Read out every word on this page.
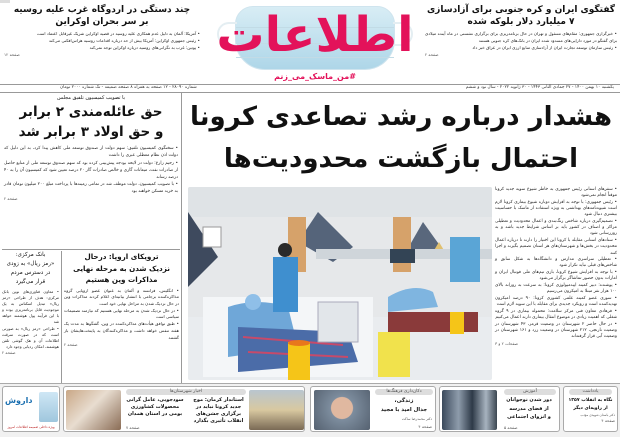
گفتگوی ایران و کره جنوبی برای آزادسازی
۷ میلیارد دلار بلوکه شده

• خبرگزاری جمهوری: مقام‌های مسئول و تهران در حال برنامه‌ریزی برای برگزاری نشستی در ماه آینده میلادی برای گفتگو در مورد دارایی‌های مسدود شده ایران در بانک‌های کره جنوبی هستند

• رئیس سازمان توسعه تجارت ایران از آزادسازی منابع ارزی ایران در عراق خبر داد

صفحه ۲
چند دستگی در اردوگاه غرب علیه روسیه
بر سر بحران اوکراین

• آمریکا: آلمان به دلیل عدم همکاری علیه روسیه در قضیه اوکراین شریک غیرقابل اعتماد است

• رئیس جمهوری اوکراین: آمریکا بیش از حد درباره اقدامات روسیه هراس‌افکنی می‌کند

• پوتین: غرب به نگرانی‌های روسیه درباره اوکراین توجه نمی‌کند

صفحه ۱۲	اطلاعات
#من_ماسک_می_زنم
یکشنبه ۱۰ بهمن ۱۴۰۰ - ۲۷ جمادی الثانی ۱۴۴۳ - ۳۰ ژانویه ۲۰۲۲ - سال نود و ششم
شماره ۲۸۰۹۰ - ۱۲ صفحه به همراه ۸ صفحه ضمیمه - تک شماره ۲۰۰۰ تومان
هشدار درباره رشد تصاعدی کرونا
احتمال بازگشت محدودیت‌ها

• سفرهای استانی رئیس جمهوری به خاطر شیوع سویه جدید کرونا موقتاً انجام نمی‌شود

• رئیس جمهوری: با توجه به افزایش دوباره شیوع بیماری کرونا لازم است شیوه‌نامه‌های بهداشتی به ویژه استفاده از ماسک با حساسیت بیشتری دنبال شود

• تصمیم‌گیری درباره شاخص رنگ‌بندی و اعمال محدودیت و تعطیلی مراکز و اصناف در کشور باید بر اساس شرایط جدید باشد و به روزرسانی شود

• ستادهای استانی مقابله با کرونا این اختیار را دارند تا درباره اعمال محدودیت در بخش‌ها و شهرستان‌های هر استان تصمیم بگیرند و اجرا کنند

• تعطیلی سراسری مدارس و دانشگاه‌ها به شکل سابق و شاخص‌های قبلی نباید تکرار شود

• با توجه به افزایش شیوع کرونا، بازی تیم‌های ملی فوتبال ایران و امارات بدون حضور تماشاگر برگزار می‌شود

• پوشنده: دبیر کمیته اپیدمیولوژی کرونا: به سرعت به روزانه بالای ۱۰۰ هزار نفر مبتلا به امیکرون می‌رسیم

• سوری عضو کمیته علمی کشوری کرونا: ۹۰ درصد امیکرون تهدیدکننده است و رویکرد جدیدی برای مقابله با این سویه لازم است

• فرهادی معاون فنی مرکز سلامت: محموله بیماری در ۹ گروه شغلی که اهمیت زیادی در موضوع انتقال بیماری دارند اعمال می‌کنیم

• در حال حاضر ۲ شهرستان در وضعیت قرمز، ۴۳ شهرستان در وضعیت نارنجی، ۲۱۲ شهرستان در وضعیت زرد و ۱۶۱ شهرستان در وضعیت آبی قرار گرفته‌اند

صفحات ۲ و ۳
با تصویب کمیسیون تلفیق مجلس
حق عائله‌مندی ۲ برابر
و حق اولاد ۳ برابر شد

• سخنگوی کمیسیون تلفیق: سهم دولت از صندوق توسعه ملی کاهش پیدا کرد، به این دلیل که دولت اذن نظام معطلی عبری را داشت

• رحیم زارع: دولت در لایحه بودجه پیش‌بینی کرده بود که سهم صندوق توسعه ملی از منابع حاصل از صادرات نفت، میعانات گازی و خالص صادرات گاز ۲۰ درصد تعیین شود که کمیسیون آن را به ۴۰ درصد رساند

• با تصویب کمیسیون، دولت موظف شد در تمامی زمینه‌ها با پرداخت مبلغ ۲۰۰ میلیون تومان قادر به خرید مسکن خواهند بود

صفحه ۲
ترویکای اروپا: درحال
نزدیک شدن به مرحله نهایی
مذاکرات وین هستیم

• انگلیس، فرانسه و آلمان به عنوان عضو اروپایی گروه مذاکره‌کننده برجامی با انتشار بیانیه‌ای اعلام کردند مذاکرات وین در حال نزدیک شدن به مراحل نهایی خود است

• در حال نزدیک شدن به مرحله نهایی هستیم که نیازمند تصمیمات سیاسی است

• طبق توافق هیأت‌های مذاکره‌کننده در وین، گفتگوها به مدت یک هفته تنفس خواهد داشت و مذاکره‌کنندگان به پایتخت‌هایشان باز گشتند

صفحه ۲
بانک مرکزی:
«رمز ریال» به زودی
در دسترس مردم
قرار می‌گیرد

• معاون فناوری‌های نوین بانک مرکزی: هدف از طراحی «رمز ریال» تبدیل اسکناس به یک موجودیت قابل برنامه‌ریزی بوده و با این فرآیند پول هوشمند خواهد شد

• طراحی «رمز ریال» به صورتی است که در صورت سرقت اطلاعات آن و هک گوشی تلفن هوشمند، امکان ردیابی وجود دارد

صفحه ۲
داروش
ویژه داخلی ضمیمه اطلاعات امروز
اخبار شهرستان‌ها
سودجویی، عامل گرانی محصولات کشاورزی بومی در استان همدان
استاندار کرمان: موج جدید کرونا نباید در برگزاری جشن‌های انقلاب تأثیری بگذارد
صفحه ۷
دکان‌داری فرهنگ‌ها
زندگی،
جدال امید با مجید
دکتر محمدرضا ساکت
صفحه ۴
آموزش
دور شدن نوجوانان
از فضای مدرسه
و انزوای اجتماعی
صفحه ۵
یادداشت
نگاه به انقلاب ۱۳۵۷
از زاویه‌ای دیگر
دکتر باستان شهیدی مؤدب
صفحه ۴
